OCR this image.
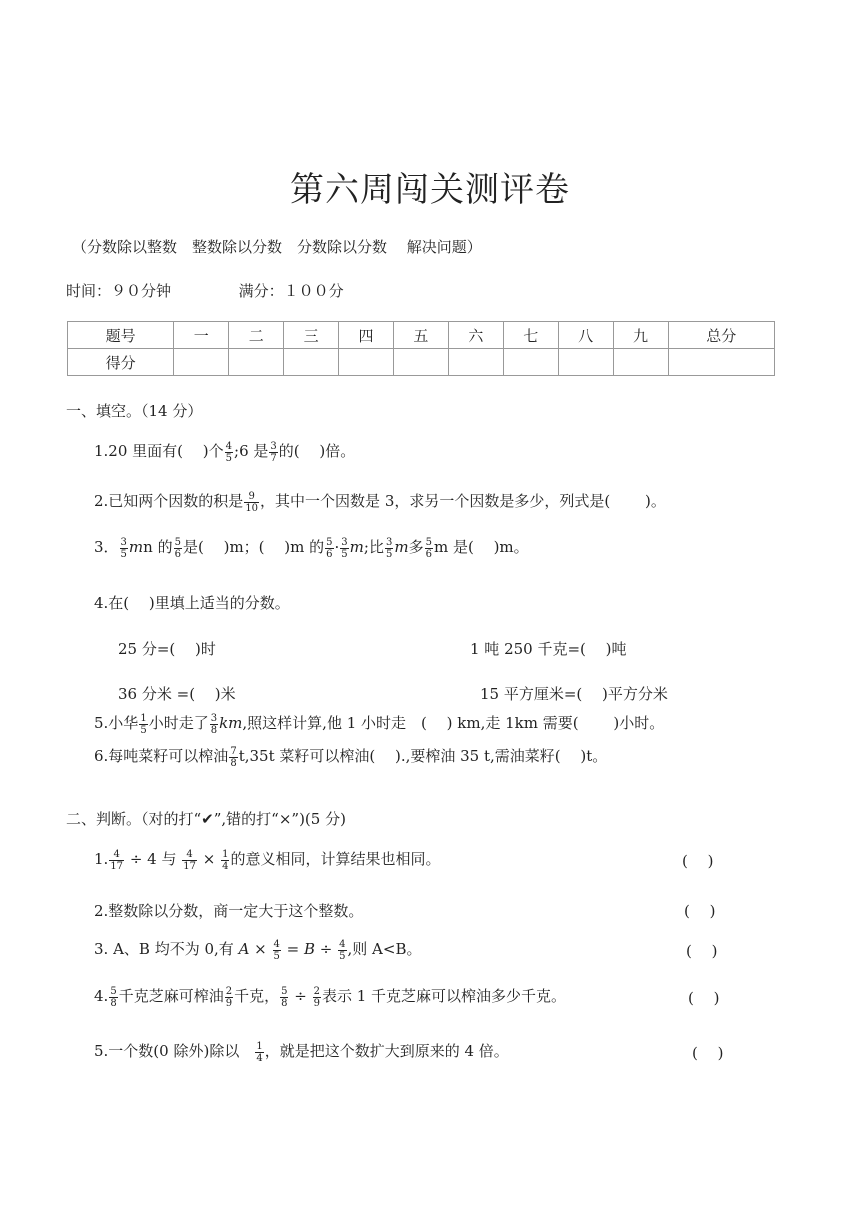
第六周闯关测评卷
（分数除以整数　整数除以分数　分数除以分数　 解决问题）
时间：９０分钟	满分：１００分
题号	一	二	三	四	五	六	七	八	九	总分
得分										
一、填空。（14 分）
1.20 里面有(　 )个 $\frac{4}{5}$ ;6 是 $\frac{3}{7}$ 的(　 )倍。
2.已知两个因数的积是 $\frac{9}{10}$ ，其中一个因数是 3，求另一个因数是多少，列式是(　　 )。
3． $\frac{3}{5}$ mn 的 $\frac{5}{6}$ 是(　 )m；(　 )m 的 $\frac{5}{6} \cdot \frac{3}{5} m$;比 $\frac{3}{5}$ m多 $\frac{5}{6}$ m 是(　 )m。
4.在(　 )里填上适当的分数。
25 分=(　 )时	1 吨 250 千克=(　 )吨
36 分米 =(　 )米	15 平方厘米=(　 )平方分米
5.小华 $\frac{1}{5}$ 小时走了 $\frac{3}{8}$ km,照这样计算,他 1 小时走　(　 ) km,走 1km 需要(　　 )小时。
6.每吨菜籽可以榨油 $\frac{7}{8} t,35t$ 菜籽可以榨油(　 ).,要榨油 35 t,需油菜籽(　 )t。
二、判断。（对的打“✔”,错的打“×”)(5 分)
1. $\frac{4}{17} \div 4$ 与 $\frac{4}{17} \times \frac{1}{4}$ 的意义相同，计算结果也相同。	(　 )
2.整数除以分数，商一定大于这个整数。	(　 )
3. A、B 均不为 0,有 $A \times \frac{4}{5} = B \div \frac{4}{5}$ ,则 A<B。	(　 )
4. $\frac{5}{8}$ 千克芝麻可榨油 $\frac{2}{9}$ 千克， $\frac{5}{8} \div \frac{2}{9}$ 表示 1 千克芝麻可以榨油多少千克。	(　 )
5.一个数(0 除外)除以　 $\frac{1}{4}$ ，就是把这个数扩大到原来的 4 倍。	(　 )
